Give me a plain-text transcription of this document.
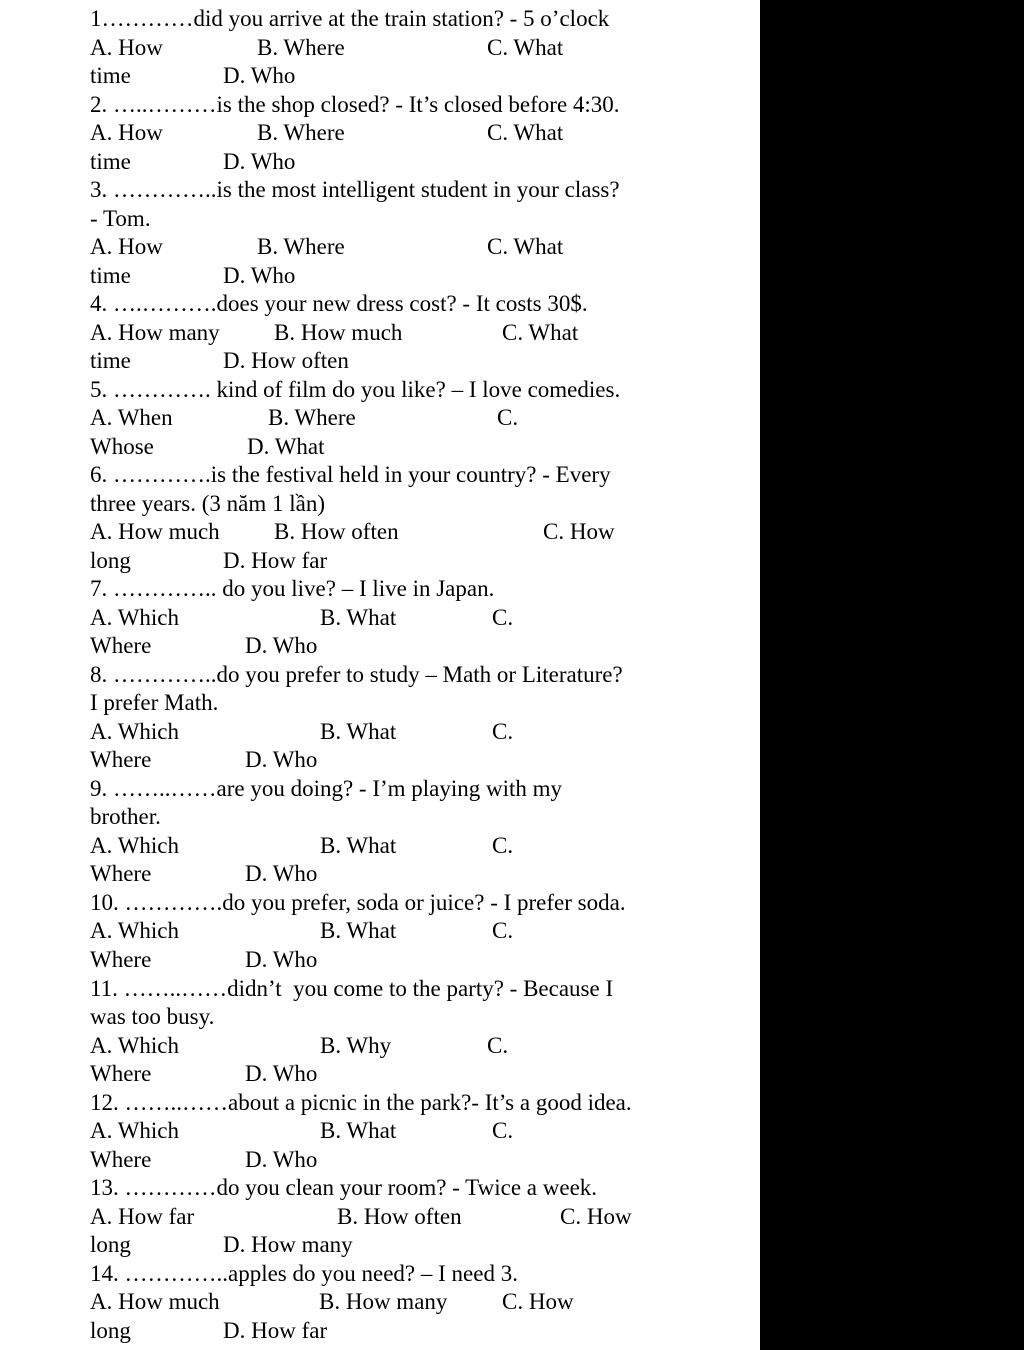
1…………did you arrive at the train station? - 5 o’clock
A. How	B. Where	C. What
time	D. Who
2. …..………is the shop closed? - It’s closed before 4:30.
A. How	B. Where	C. What
time	D. Who
3. …………..is the most intelligent student in your class?
- Tom.
A. How	B. Where	C. What
time	D. Who
4. ….……….does your new dress cost? - It costs 30$.
A. How many B. How much	C. What
time	D. How often
5. …………. kind of film do you like? – I love comedies.
A. When	B. Where	C.
Whose	D. What
6. ………….is the festival held in your country? - Every
three years. (3 năm 1 lần)
A. How much B. How often	C. How
long	D. How far
7. ………….. do you live? – I live in Japan.
A. Which	B. What	C.
Where	D. Who
8. …………..do you prefer to study – Math or Literature?
I prefer Math.
A. Which	B. What	C.
Where	D. Who
9. ……..……are you doing? - I’m playing with my
brother.
A. Which	B. What	C.
Where	D. Who
10. ………….do you prefer, soda or juice? - I prefer soda.
A. Which	B. What	C.
Where	D. Who
11. ……..……didn’t  you come to the party? - Because I
was too busy.
A. Which	B. Why	C.
Where	D. Who
12. ……..……about a picnic in the park?- It’s a good idea.
A. Which	B. What	C.
Where	D. Who
13. …………do you clean your room? - Twice a week.
A. How far	B. How often	C. How
long	D. How many
14. …………..apples do you need? – I need 3.
A. How much	B. How many C. How
long	D. How far
